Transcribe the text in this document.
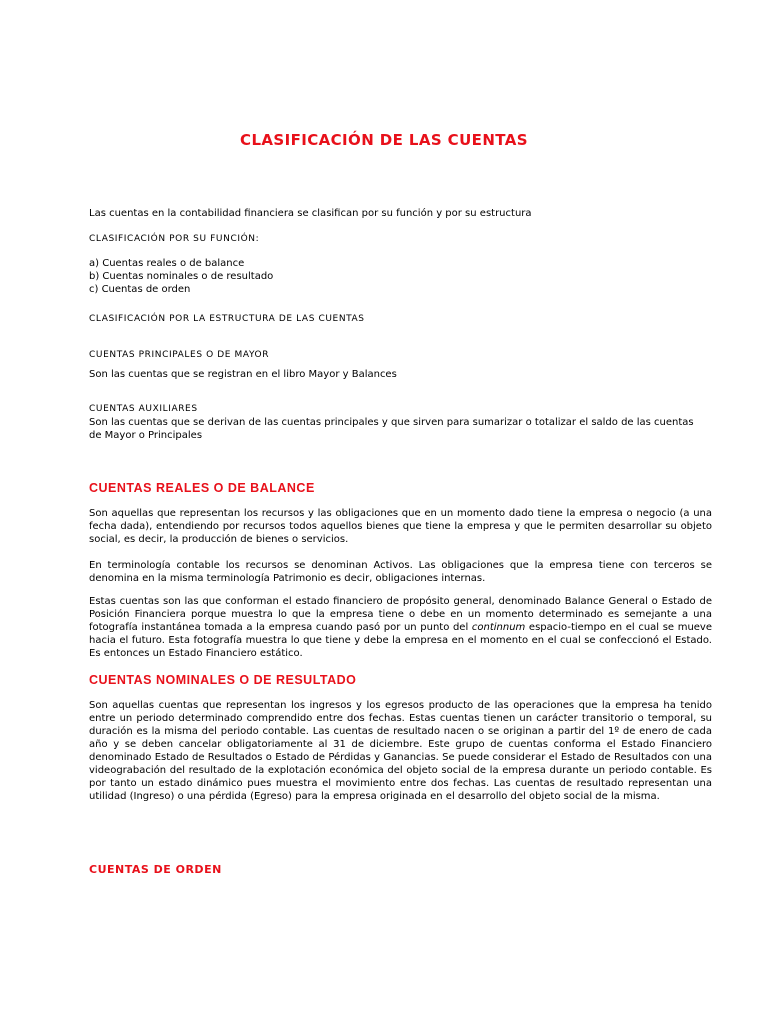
CLASIFICACIÓN DE LAS CUENTAS

Las cuentas en la contabilidad financiera se clasifican por su función y por su estructura

CLASIFICACIÓN POR SU FUNCIÓN:

a) Cuentas reales o de balance
b) Cuentas nominales o de resultado
c) Cuentas de orden

CLASIFICACIÓN POR LA ESTRUCTURA DE LAS CUENTAS

CUENTAS PRINCIPALES O DE MAYOR

Son las cuentas que se registran en el libro Mayor y Balances

CUENTAS AUXILIARES

Son las cuentas que se derivan de las cuentas principales y que sirven para sumarizar o totalizar el saldo de las cuentas de Mayor o Principales

CUENTAS REALES O DE BALANCE

Son aquellas que representan los recursos y las obligaciones que en un momento dado tiene la empresa o negocio (a una fecha dada), entendiendo por recursos todos aquellos bienes que tiene la empresa y que le permiten desarrollar su objeto social, es decir, la producción de bienes o servicios.

En terminología contable los recursos se denominan Activos. Las obligaciones que la empresa tiene con terceros se denomina en la misma terminología Patrimonio es decir, obligaciones internas.

Estas cuentas son las que conforman el estado financiero de propósito general, denominado Balance General o Estado de Posición Financiera porque muestra lo que la empresa tiene o debe en un momento determinado es semejante a una fotografía instantánea tomada a la empresa cuando pasó por un punto del continnum espacio-tiempo en el cual se mueve hacia el futuro. Esta fotografía muestra lo que tiene y debe la empresa en el momento en el cual se confeccionó el Estado. Es entonces un Estado Financiero estático.

CUENTAS NOMINALES O DE RESULTADO

Son aquellas cuentas que representan los ingresos y los egresos producto de las operaciones que la empresa ha tenido entre un periodo determinado comprendido entre dos fechas. Estas cuentas tienen un carácter transitorio o temporal, su duración es la misma del periodo contable. Las cuentas de resultado nacen o se originan a partir del 1º de enero de cada año y se deben cancelar obligatoriamente al 31 de diciembre. Este grupo de cuentas conforma el Estado Financiero denominado Estado de Resultados o Estado de Pérdidas y Ganancias. Se puede considerar el Estado de Resultados con una videograbación del resultado de la explotación económica del objeto social de la empresa durante un periodo contable. Es por tanto un estado dinámico pues muestra el movimiento entre dos fechas. Las cuentas de resultado representan una utilidad (Ingreso) o una pérdida (Egreso) para la empresa originada en el desarrollo del objeto social de la misma.

CUENTAS DE ORDEN
